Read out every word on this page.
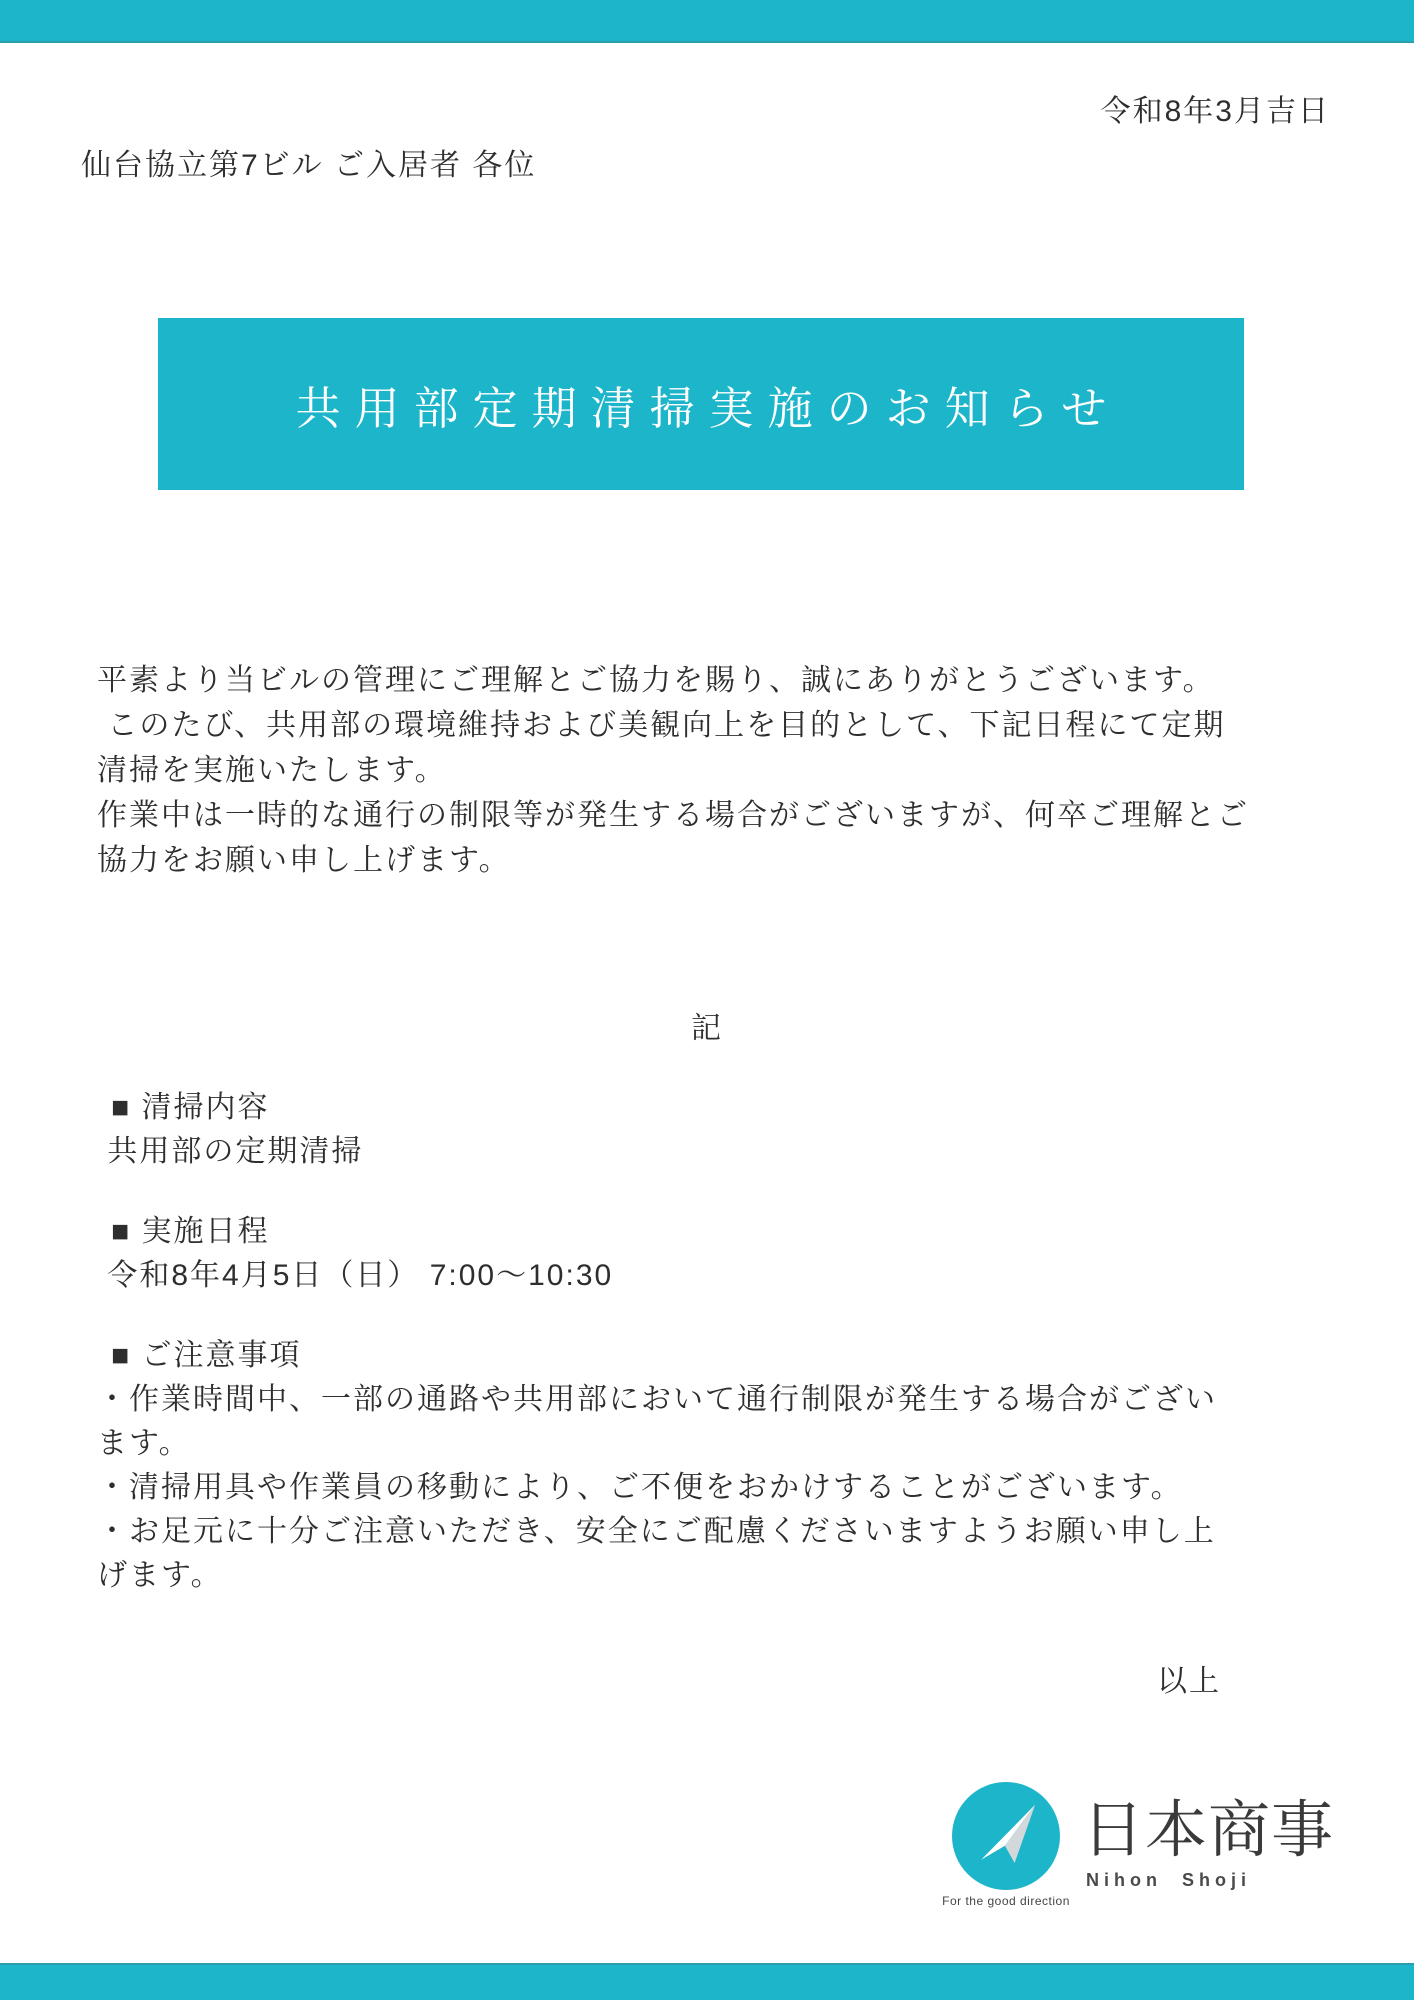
令和8年3月吉日
仙台協立第7ビル ご入居者 各位
共用部定期清掃実施のお知らせ
平素より当ビルの管理にご理解とご協力を賜り、誠にありがとうございます。
このたび、共用部の環境維持および美観向上を目的として、下記日程にて定期
清掃を実施いたします。
作業中は一時的な通行の制限等が発生する場合がございますが、何卒ご理解とご
協力をお願い申し上げます。
記
■ 清掃内容
共用部の定期清掃
■ 実施日程
令和8年4月5日（日） 7:00～10:30
■ ご注意事項
・作業時間中、一部の通路や共用部において通行制限が発生する場合がござい
ます。
・清掃用具や作業員の移動により、ご不便をおかけすることがございます。
・お足元に十分ご注意いただき、安全にご配慮くださいますようお願い申し上
げます。
以上
For the good direction
日本商事
Nihon Shoji
